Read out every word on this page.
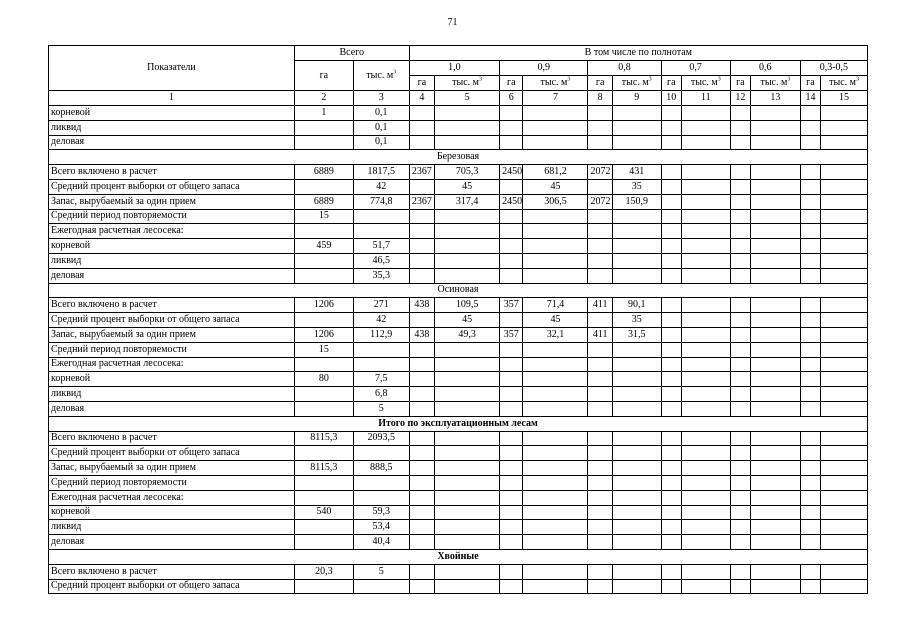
71
Показатели	Всего		В том числе по полнотам											
	га	тыс. $м^3$	1,0		0,9		0,8		0,7		0,6		0,3-0,5	
			га	тыс. $м^3$	га	тыс. $м^3$	га	тыс. $м^3$	га	тыс. $м^3$	га	тыс. $м^3$	га	тыс. $м^3$
1	2	3	4	5	6	7	8	9	10	11	12	13	14	15
корневой	1	0,1												
ликвид		0,1												
деловая		0,1												
Березовая														
Всего включено в расчет	6889	1817,5	2367	705,3	2450	681,2	2072	431						
Средний процент выборки от общего запаса		42		45		45		35						
Запас, вырубаемый за один прием	6889	774,8	2367	317,4	2450	306,5	2072	150,9						
Средний период повторяемости	15													
Ежегодная расчетная лесосека:														
корневой	459	51,7												
ликвид		46,5												
деловая		35,3												
Осиновая														
Всего включено в расчет	1206	271	438	109,5	357	71,4	411	90,1						
Средний процент выборки от общего запаса		42		45		45		35						
Запас, вырубаемый за один прием	1206	112,9	438	49,3	357	32,1	411	31,5						
Средний период повторяемости	15													
Ежегодная расчетная лесосека:														
корневой	80	7,5												
ликвид		6,8												
деловая		5												
Итого по эксплуатационным лесам														
Всего включено в расчет	8115,3	2093,5												
Средний процент выборки от общего запаса														
Запас, вырубаемый за один прием	8115,3	888,5												
Средний период повторяемости														
Ежегодная расчетная лесосека:														
корневой	540	59,3												
ликвид		53,4												
деловая		40,4												
Хвойные														
Всего включено в расчет	20,3	5												
Средний процент выборки от общего запаса														
